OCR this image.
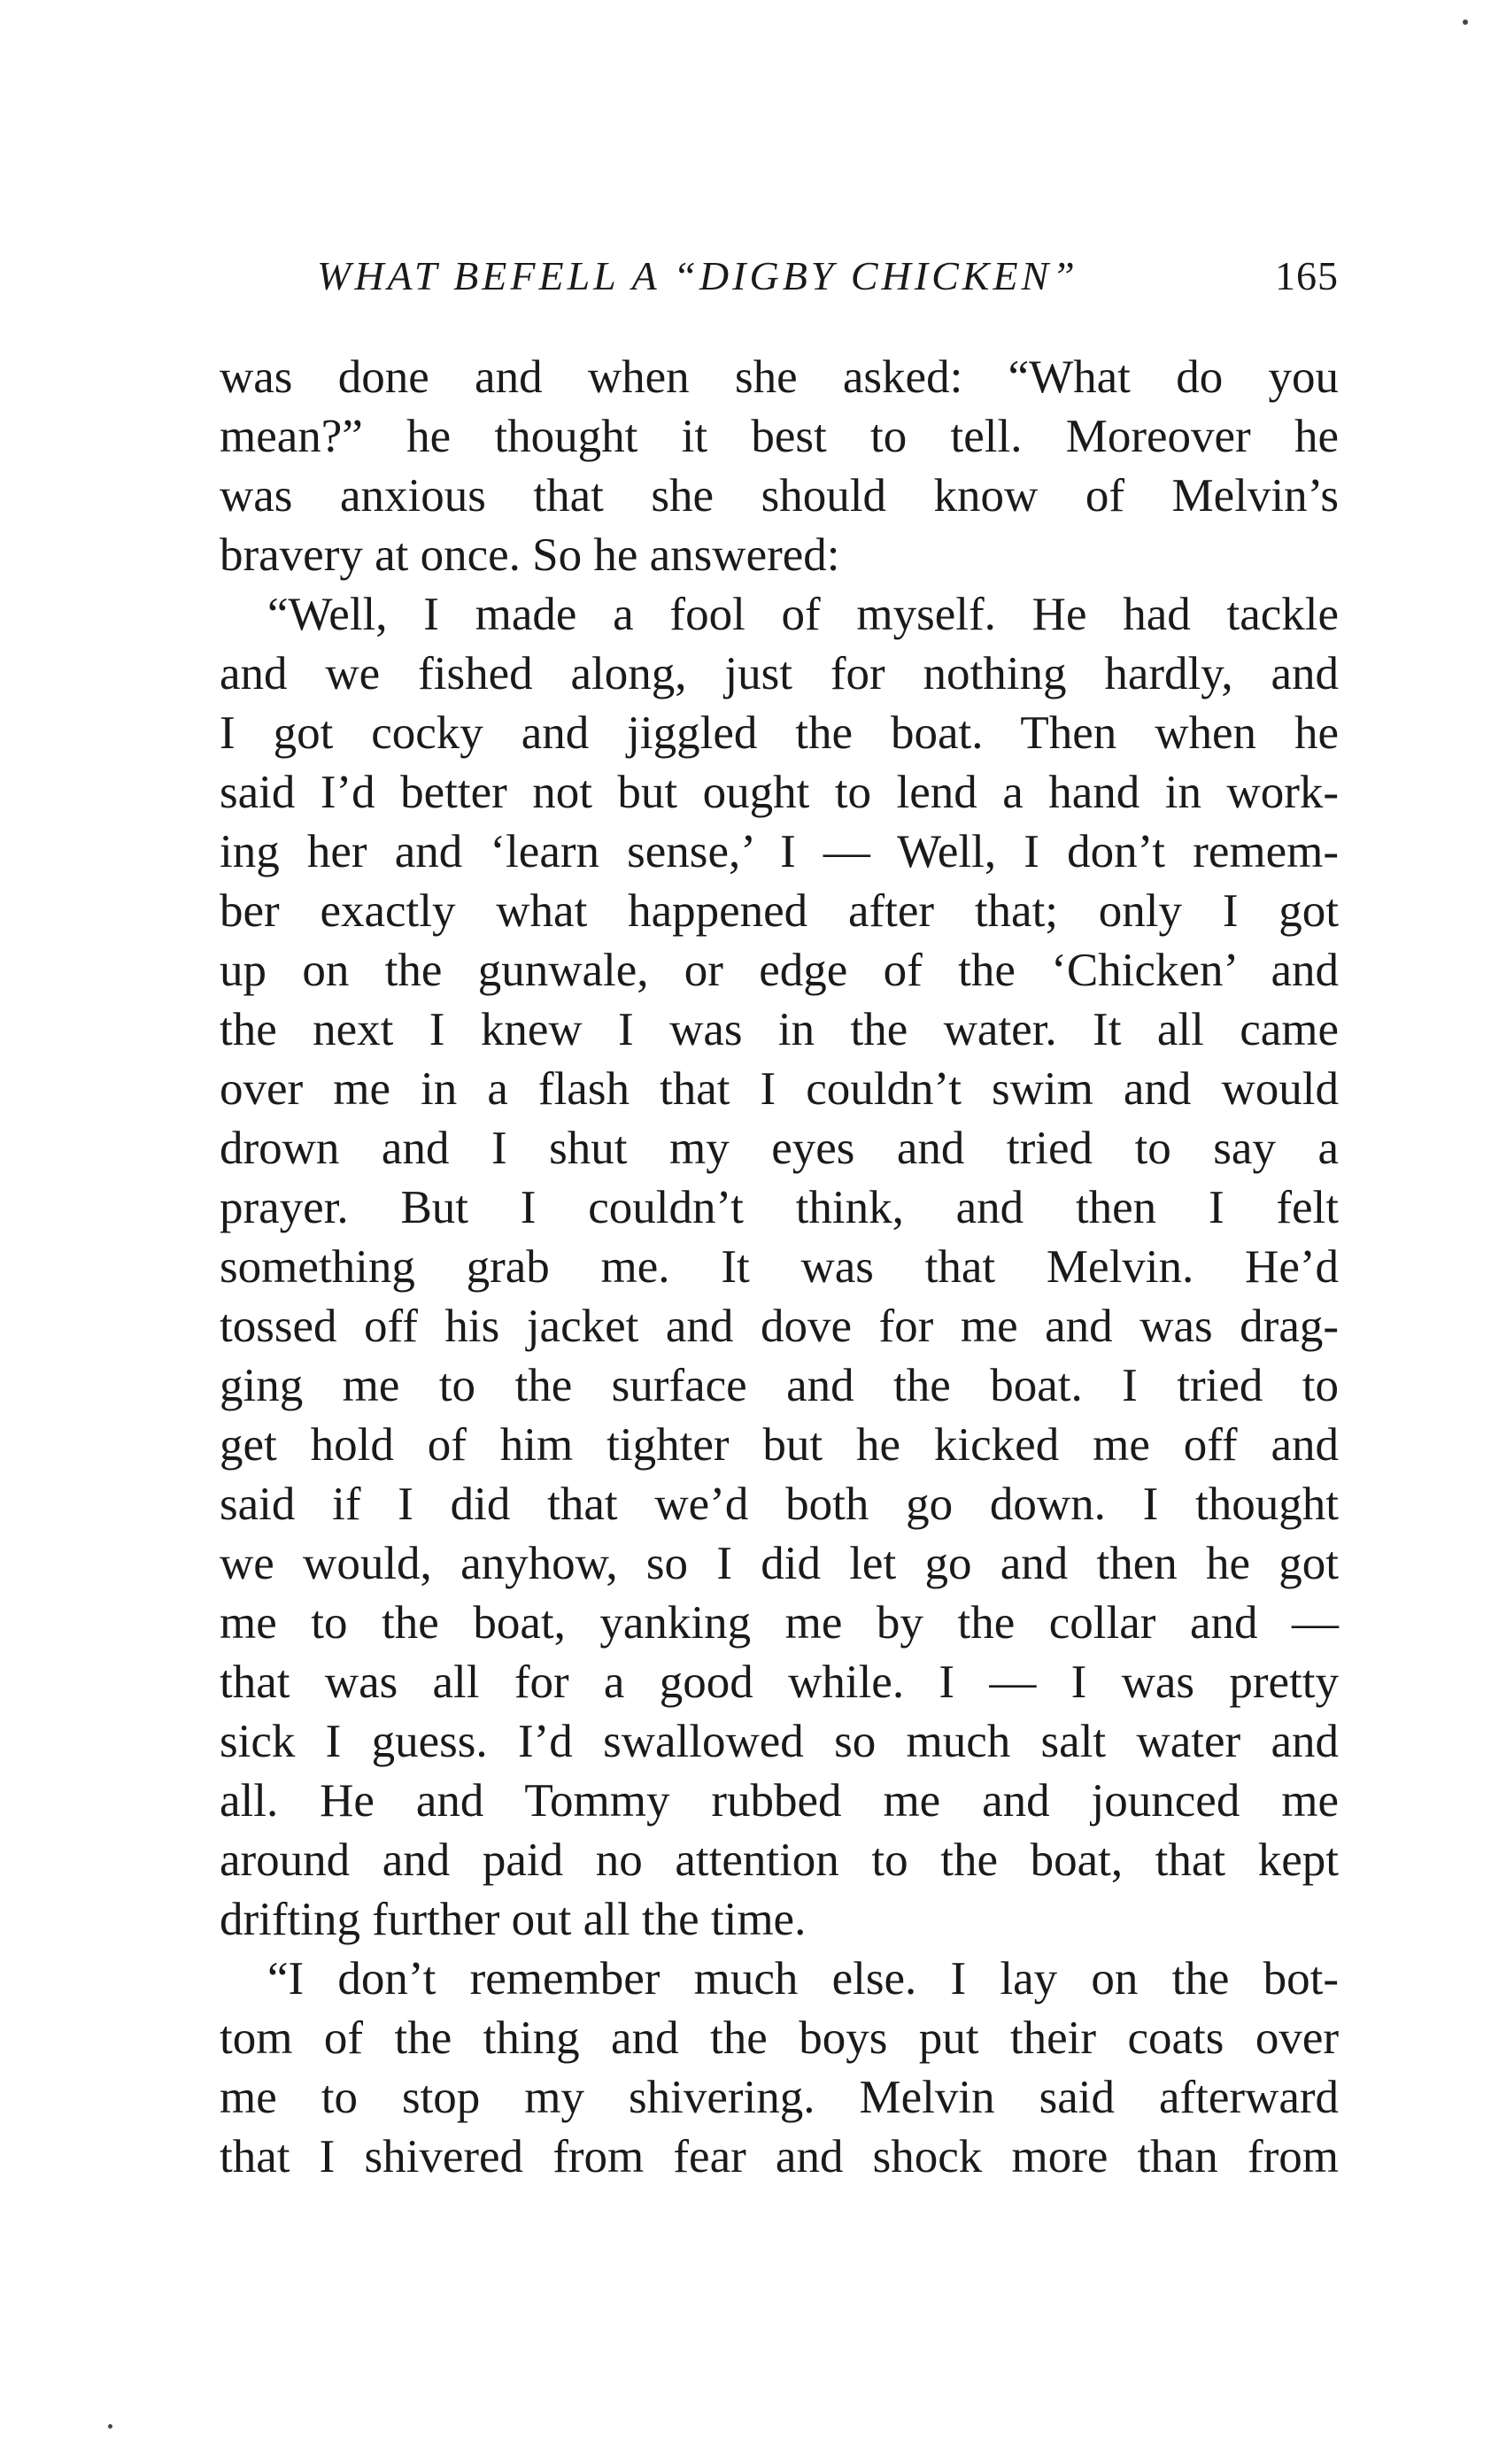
WHAT BEFELL A “DIGBY CHICKEN”	165
was done and when she asked: “What do you
mean?” he thought it best to tell. Moreover he
was anxious that she should know of Melvin’s
bravery at once. So he answered:
“Well, I made a fool of myself. He had tackle
and we fished along, just for nothing hardly, and
I got cocky and jiggled the boat. Then when he
said I’d better not but ought to lend a hand in work-
ing her and ‘learn sense,’ I — Well, I don’t remem-
ber exactly what happened after that; only I got
up on the gunwale, or edge of the ‘Chicken’ and
the next I knew I was in the water. It all came
over me in a flash that I couldn’t swim and would
drown and I shut my eyes and tried to say a
prayer. But I couldn’t think, and then I felt
something grab me. It was that Melvin. He’d
tossed off his jacket and dove for me and was drag-
ging me to the surface and the boat. I tried to
get hold of him tighter but he kicked me off and
said if I did that we’d both go down. I thought
we would, anyhow, so I did let go and then he got
me to the boat, yanking me by the collar and —
that was all for a good while. I — I was pretty
sick I guess. I’d swallowed so much salt water and
all. He and Tommy rubbed me and jounced me
around and paid no attention to the boat, that kept
drifting further out all the time.
“I don’t remember much else. I lay on the bot-
tom of the thing and the boys put their coats over
me to stop my shivering. Melvin said afterward
that I shivered from fear and shock more than from
